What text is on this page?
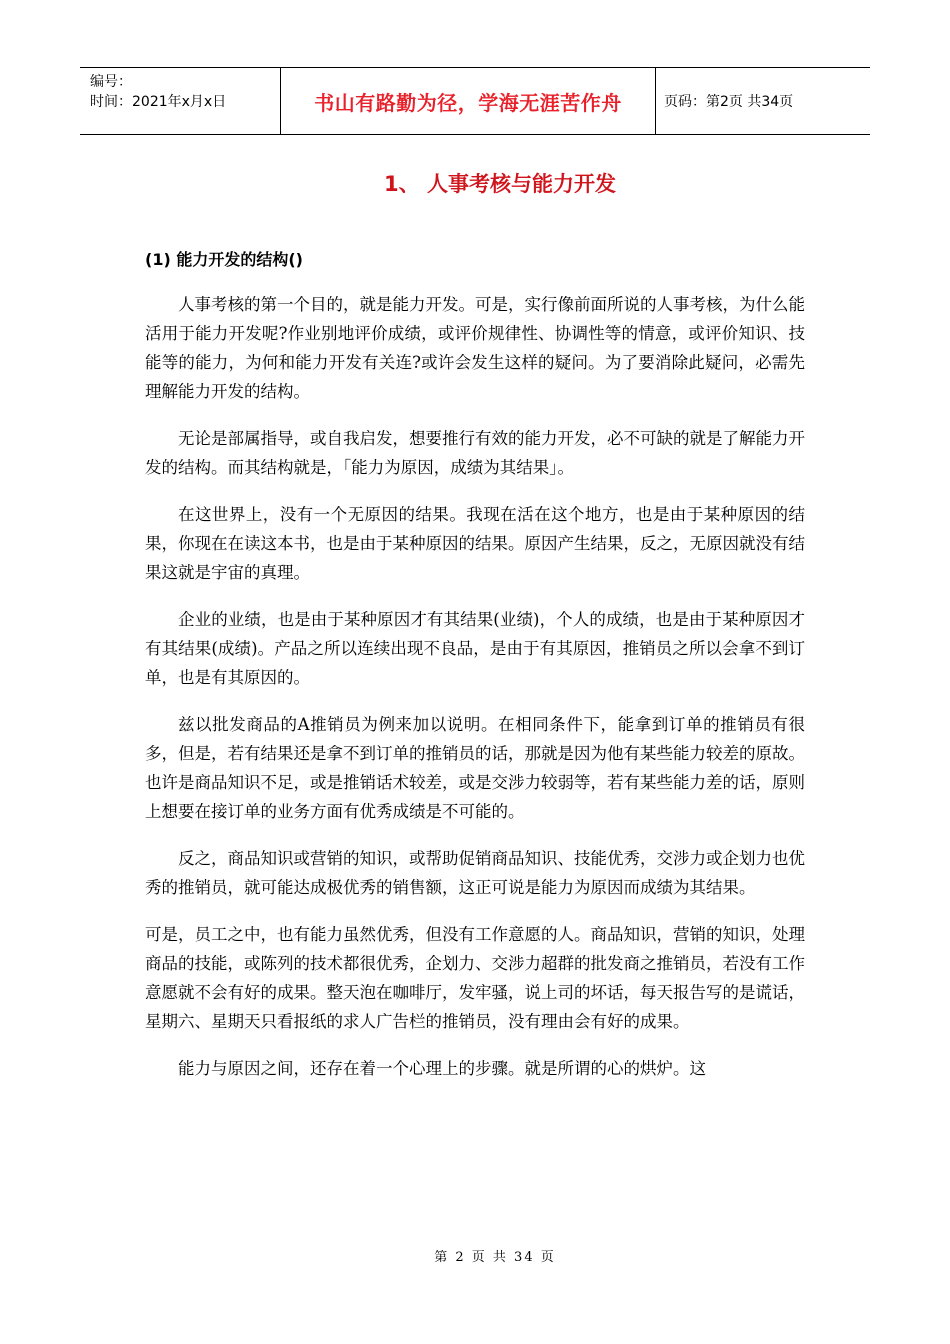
编号：
时间：2021年x月x日	书山有路勤为径，学海无涯苦作舟	页码：第2页 共34页
1、 人事考核与能力开发
(1) 能力开发的结构()

人事考核的第一个目的，就是能力开发。可是，实行像前面所说的人事考核，为什么能活用于能力开发呢?作业别地评价成绩，或评价规律性、协调性等的情意，或评价知识、技能等的能力，为何和能力开发有关连?或许会发生这样的疑问。为了要消除此疑问，必需先理解能力开发的结构。

无论是部属指导，或自我启发，想要推行有效的能力开发，必不可缺的就是了解能力开发的结构。而其结构就是，「能力为原因，成绩为其结果」。

在这世界上，没有一个无原因的结果。我现在活在这个地方，也是由于某种原因的结果，你现在在读这本书，也是由于某种原因的结果。原因产生结果，反之，无原因就没有结果这就是宇宙的真理。

企业的业绩，也是由于某种原因才有其结果(业绩)，个人的成绩，也是由于某种原因才有其结果(成绩)。产品之所以连续出现不良品，是由于有其原因，推销员之所以会拿不到订单，也是有其原因的。

兹以批发商品的A推销员为例来加以说明。在相同条件下，能拿到订单的推销员有很多，但是，若有结果还是拿不到订单的推销员的话，那就是因为他有某些能力较差的原故。也许是商品知识不足，或是推销话术较差，或是交涉力较弱等，若有某些能力差的话，原则上想要在接订单的业务方面有优秀成绩是不可能的。

反之，商品知识或营销的知识，或帮助促销商品知识、技能优秀，交涉力或企划力也优秀的推销员，就可能达成极优秀的销售额，这正可说是能力为原因而成绩为其结果。

可是，员工之中，也有能力虽然优秀，但没有工作意愿的人。商品知识，营销的知识，处理商品的技能，或陈列的技术都很优秀，企划力、交涉力超群的批发商之推销员，若没有工作意愿就不会有好的成果。整天泡在咖啡厅，发牢骚，说上司的坏话，每天报告写的是谎话，星期六、星期天只看报纸的求人广告栏的推销员，没有理由会有好的成果。

能力与原因之间，还存在着一个心理上的步骤。就是所谓的心的烘炉。这

第 2 页 共 34 页
